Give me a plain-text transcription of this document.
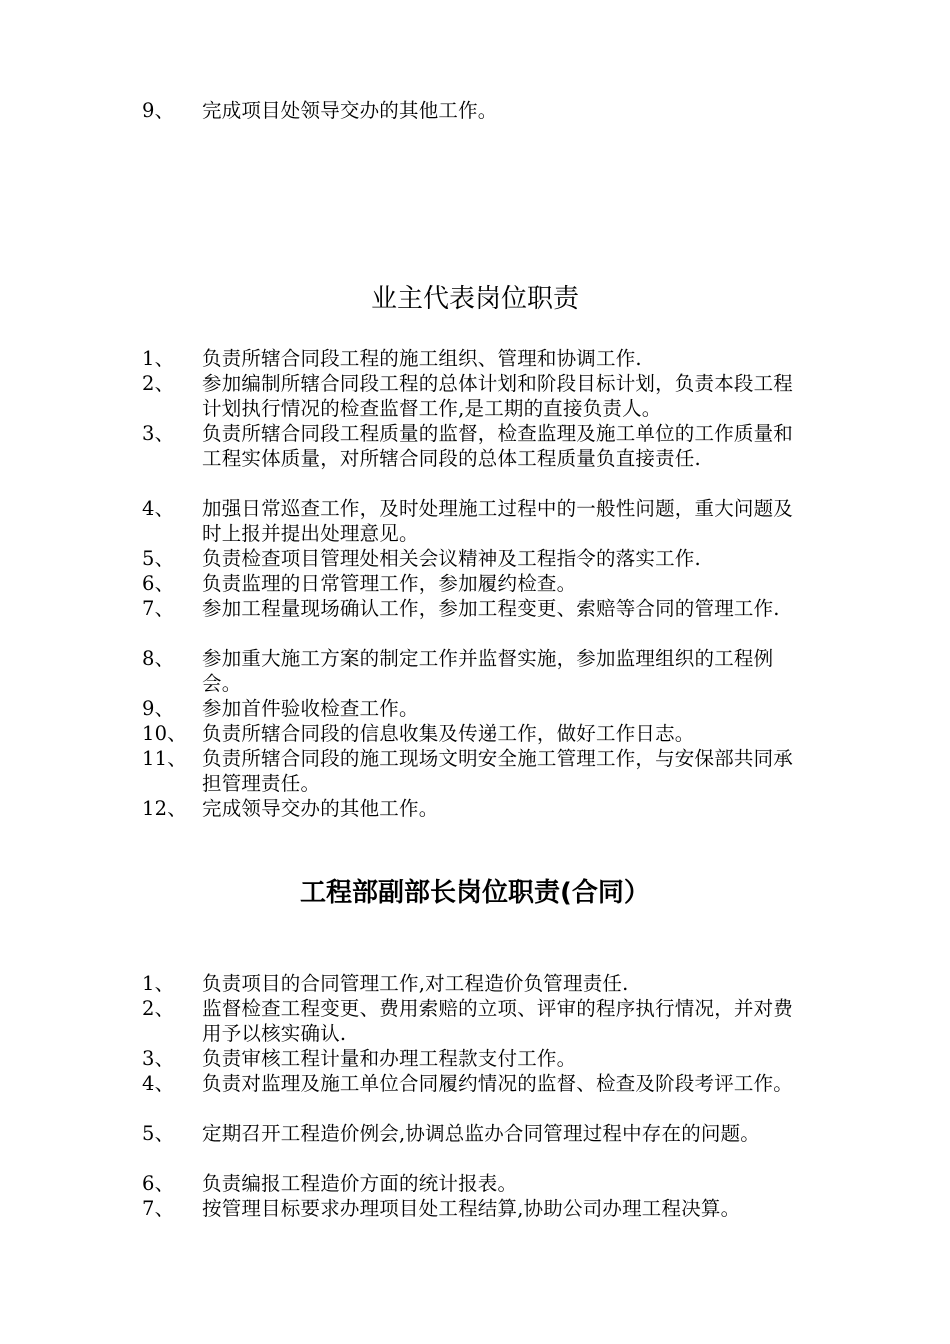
9、	完成项目处领导交办的其他工作。
业主代表岗位职责
1、	负责所辖合同段工程的施工组织、管理和协调工作.
2、	参加编制所辖合同段工程的总体计划和阶段目标计划，负责本段工程计划执行情况的检查监督工作,是工期的直接负责人。
3、	负责所辖合同段工程质量的监督，检查监理及施工单位的工作质量和工程实体质量，对所辖合同段的总体工程质量负直接责任.
4、	加强日常巡查工作，及时处理施工过程中的一般性问题，重大问题及时上报并提出处理意见。
5、	负责检查项目管理处相关会议精神及工程指令的落实工作.
6、	负责监理的日常管理工作，参加履约检查。
7、	参加工程量现场确认工作，参加工程变更、索赔等合同的管理工作.
8、	参加重大施工方案的制定工作并监督实施，参加监理组织的工程例会。
9、	参加首件验收检查工作。
10、 负责所辖合同段的信息收集及传递工作，做好工作日志。
11、 负责所辖合同段的施工现场文明安全施工管理工作，与安保部共同承担管理责任。
12、 完成领导交办的其他工作。
工程部副部长岗位职责(合同）
1、	负责项目的合同管理工作,对工程造价负管理责任.
2、	监督检查工程变更、费用索赔的立项、评审的程序执行情况，并对费用予以核实确认.
3、	负责审核工程计量和办理工程款支付工作。
4、	负责对监理及施工单位合同履约情况的监督、检查及阶段考评工作。
5、	定期召开工程造价例会,协调总监办合同管理过程中存在的问题。
6、	负责编报工程造价方面的统计报表。
7、	按管理目标要求办理项目处工程结算,协助公司办理工程决算。
